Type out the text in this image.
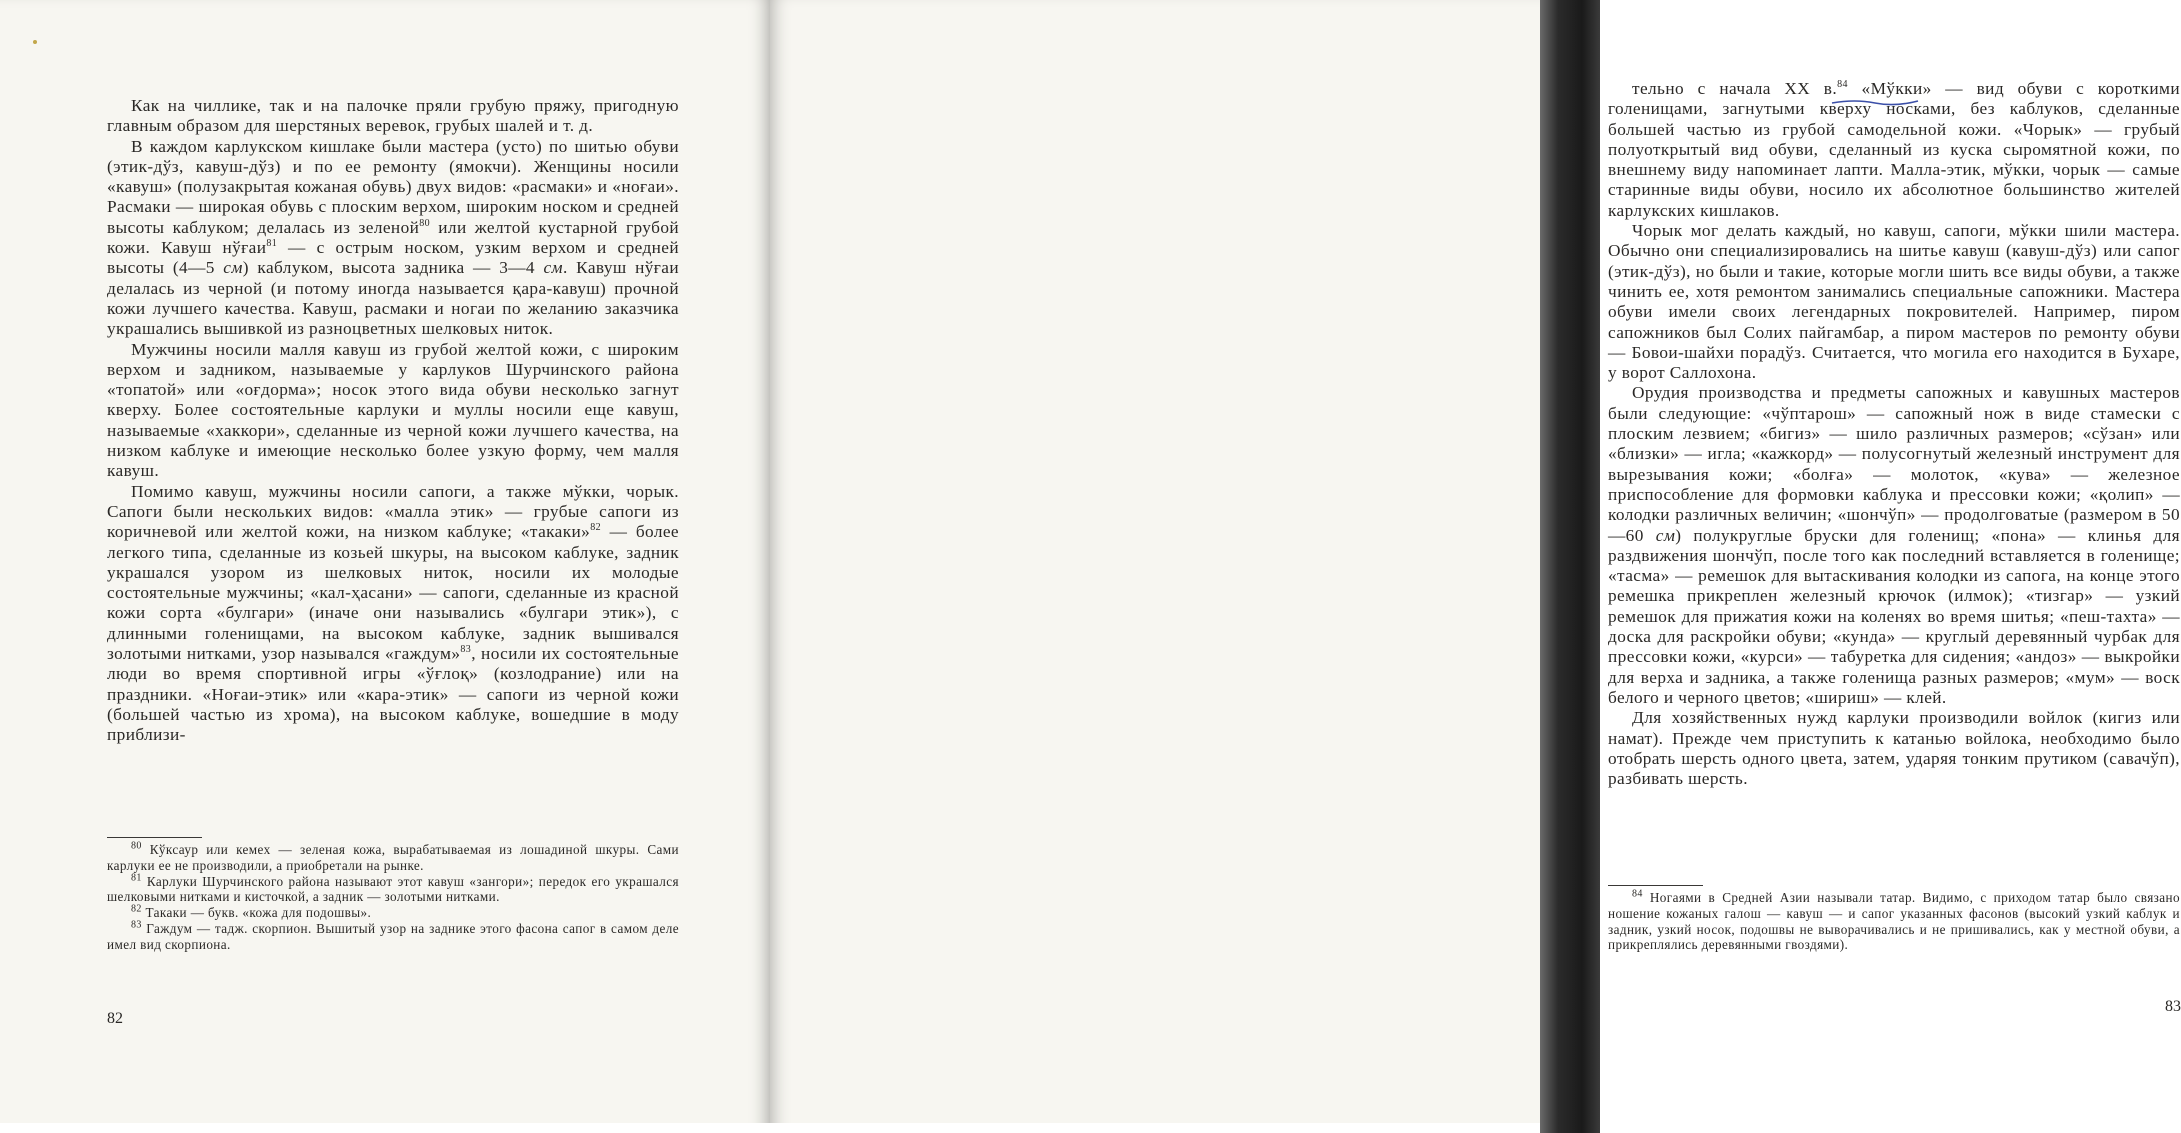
Как на чиллике, так и на палочке пряли грубую пряжу, пригодную главным образом для шерстяных веревок, грубых шалей и т. д.

В каждом карлукском кишлаке были мастера (усто) по шитью обуви (этик-дўз, кавуш-дўз) и по ее ремонту (ямокчи). Женщины носили «кавуш» (полузакрытая кожаная обувь) двух видов: «расмаки» и «ноғаи». Расмаки — широкая обувь с плоским верхом, широким носком и средней высоты каблуком; делалась из зеленой$^{80}$ или желтой кустарной грубой кожи. Кавуш нўғаи$^{81}$ — с острым носком, узким верхом и средней высоты (4—5 см) каблуком, высота задника — 3—4 см. Кавуш нўғаи делалась из черной (и потому иногда называется қара-кавуш) прочной кожи лучшего качества. Кавуш, расмаки и ногаи по желанию заказчика украшались вышивкой из разноцветных шелковых ниток.

Мужчины носили малля кавуш из грубой желтой кожи, с широким верхом и задником, называемые у карлуков Шурчинского района «топатой» или «оғдорма»; носок этого вида обуви несколько загнут кверху. Более состоятельные карлуки и муллы носили еще кавуш, называемые «хаккори», сделанные из черной кожи лучшего качества, на низком каблуке и имеющие несколько более узкую форму, чем малля кавуш.

Помимо кавуш, мужчины носили сапоги, а также мўкки, чорык. Сапоги были нескольких видов: «малла этик» — грубые сапоги из коричневой или желтой кожи, на низком каблуке; «такаки»$^{82}$ — более легкого типа, сделанные из козьей шкуры, на высоком каблуке, задник украшался узором из шелковых ниток, носили их молодые состоятельные мужчины; «кал-ҳасани» — сапоги, сделанные из красной кожи сорта «булгари» (иначе они назывались «булгари этик»), с длинными голенищами, на высоком каблуке, задник вышивался золотыми нитками, узор назывался «гаждум»$^{83}$, носили их состоятельные люди во время спортивной игры «ўғлоқ» (козлодрание) или на праздники. «Ноғаи-этик» или «кара-этик» — сапоги из черной кожи (большей частью из хрома), на высоком каблуке, вошедшие в моду приблизи-

$^{80}$ Кўксаур или кемех — зеленая кожа, вырабатываемая из лошадиной шкуры. Сами карлуки ее не производили, а приобретали на рынке.

$^{81}$ Карлуки Шурчинского района называют этот кавуш «зангори»; передок его украшался шелковыми нитками и кисточкой, а задник — золотыми нитками.

$^{82}$ Такаки — букв. «кожа для подошвы».

$^{83}$ Гаждум — тадж. скорпион. Вышитый узор на заднике этого фасона сапог в самом деле имел вид скорпиона.

82

тельно с начала XX в.$^{84}$ «Мўкки» — вид обуви с короткими голенищами, загнутыми кверху носками, без каблуков, сделанные большей частью из грубой самодельной кожи. «Чорык» — грубый полуоткрытый вид обуви, сделанный из куска сыромятной кожи, по внешнему виду напоминает лапти. Малла-этик, мўкки, чорык — самые старинные виды обуви, носило их абсолютное большинство жителей карлукских кишлаков.

Чорык мог делать каждый, но кавуш, сапоги, мўкки шили мастера. Обычно они специализировались на шитье кавуш (кавуш-дўз) или сапог (этик-дўз), но были и такие, которые могли шить все виды обуви, а также чинить ее, хотя ремонтом занимались специальные сапожники. Мастера обуви имели своих легендарных покровителей. Например, пиром сапожников был Солих пайгамбар, а пиром мастеров по ремонту обуви — Бовои-шайхи порадўз. Считается, что могила его находится в Бухаре, у ворот Саллохона.

Орудия производства и предметы сапожных и кавушных мастеров были следующие: «чўптарош» — сапожный нож в виде стамески с плоским лезвием; «бигиз» — шило различных размеров; «сўзан» или «близки» — игла; «кажкорд» — полусогнутый железный инструмент для вырезывания кожи; «болға» — молоток, «кува» — железное приспособление для формовки каблука и прессовки кожи; «қолип» — колодки различных величин; «шончўп» — продолговатые (размером в 50—60 см) полукруглые бруски для голенищ; «пона» — клинья для раздвижения шончўп, после того как последний вставляется в голенище; «тасма» — ремешок для вытаскивания колодки из сапога, на конце этого ремешка прикреплен железный крючок (илмок); «тизгар» — узкий ремешок для прижатия кожи на коленях во время шитья; «пеш-тахта» — доска для раскройки обуви; «кунда» — круглый деревянный чурбак для прессовки кожи, «курси» — табуретка для сидения; «андоз» — выкройки для верха и задника, а также голенища разных размеров; «мум» — воск белого и черного цветов; «шириш» — клей.

Для хозяйственных нужд карлуки производили войлок (кигиз или намат). Прежде чем приступить к катанью войлока, необходимо было отобрать шерсть одного цвета, затем, ударяя тонким прутиком (савачўп), разбивать шерсть.

$^{84}$ Ногаями в Средней Азии называли татар. Видимо, с приходом татар было связано ношение кожаных галош — кавуш — и сапог указанных фасонов (высокий узкий каблук и задник, узкий носок, подошвы не выворачивались и не пришивались, как у местной обуви, а прикреплялись деревянными гвоздями).

83
